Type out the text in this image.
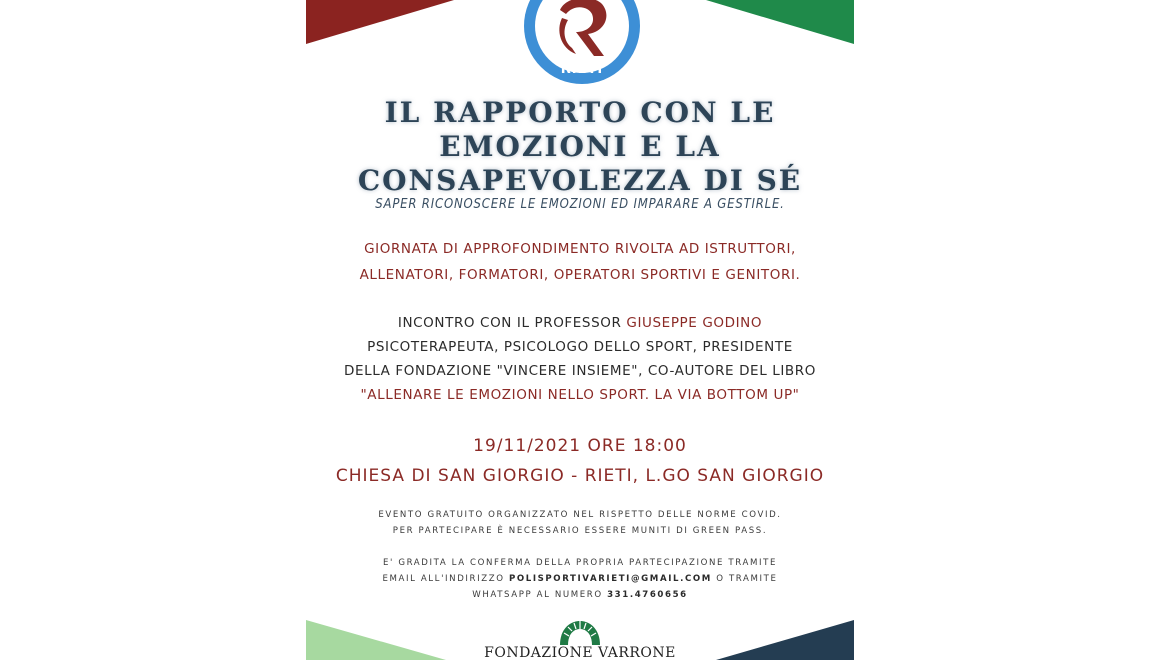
RIETI
IL RAPPORTO CON LE
EMOZIONI E LA
CONSAPEVOLEZZA DI SÉ
SAPER RICONOSCERE LE EMOZIONI ED IMPARARE A GESTIRLE.
GIORNATA DI APPROFONDIMENTO RIVOLTA AD ISTRUTTORI,
ALLENATORI, FORMATORI, OPERATORI SPORTIVI E GENITORI.
INCONTRO CON IL PROFESSOR GIUSEPPE GODINO
PSICOTERAPEUTA, PSICOLOGO DELLO SPORT, PRESIDENTE
DELLA FONDAZIONE "VINCERE INSIEME", CO-AUTORE DEL LIBRO
"ALLENARE LE EMOZIONI NELLO SPORT. LA VIA BOTTOM UP"
19/11/2021 ORE 18:00
CHIESA DI SAN GIORGIO - RIETI, L.GO SAN GIORGIO
EVENTO GRATUITO ORGANIZZATO NEL RISPETTO DELLE NORME COVID.
PER PARTECIPARE È NECESSARIO ESSERE MUNITI DI GREEN PASS.
E' GRADITA LA CONFERMA DELLA PROPRIA PARTECIPAZIONE TRAMITE
EMAIL ALL'INDIRIZZO POLISPORTIVARIETI@GMAIL.COM O TRAMITE
WHATSAPP AL NUMERO 331.4760656
FONDAZIONE VARRONE
